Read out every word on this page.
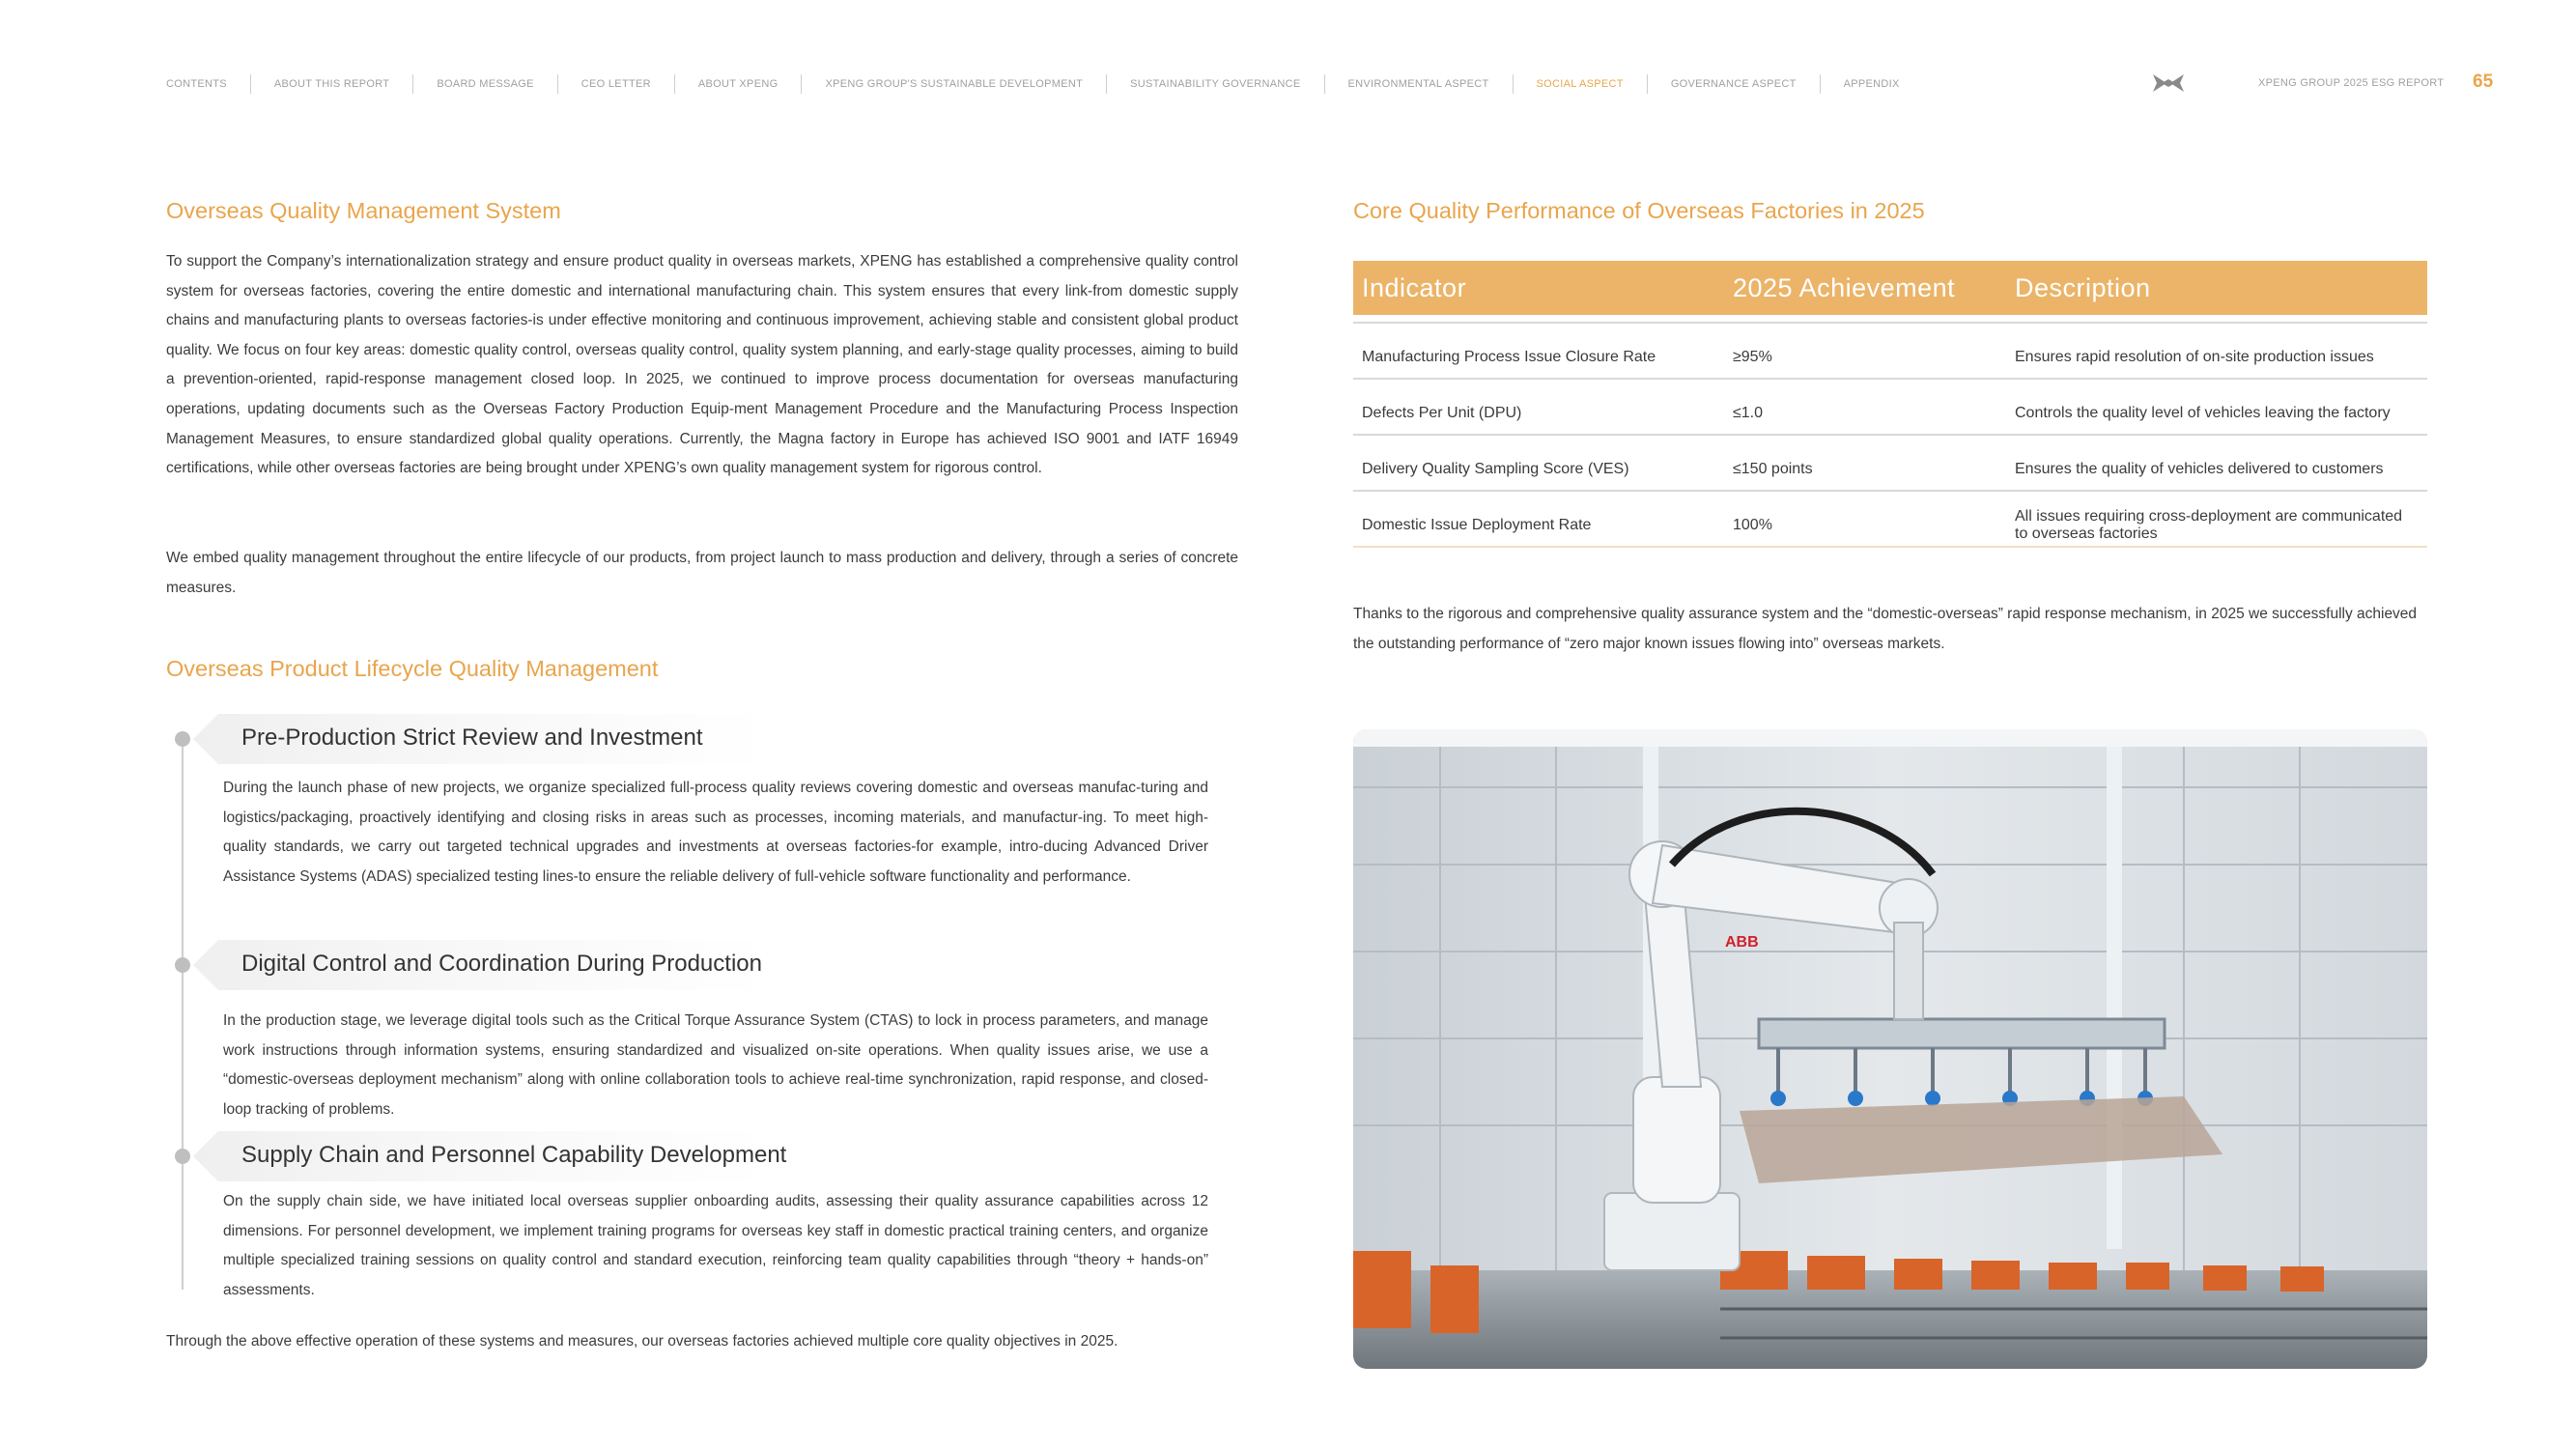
CONTENTS	ABOUT THIS REPORT	BOARD MESSAGE	CEO LETTER	ABOUT XPENG	XPENG GROUP'S SUSTAINABLE DEVELOPMENT	SUSTAINABILITY GOVERNANCE	ENVIRONMENTAL ASPECT	SOCIAL ASPECT	GOVERNANCE ASPECT	APPENDIX	XPENG GROUP 2025 ESG REPORT 65
Overseas Quality Management System

To support the Company’s internationalization strategy and ensure product quality in overseas markets, XPENG has established a comprehensive quality control system for overseas factories, covering the entire domestic and international manufacturing chain. This system ensures that every link-from domestic supply chains and manufacturing plants to overseas factories-is under effective monitoring and continuous improvement, achieving stable and consistent global product quality. We focus on four key areas: domestic quality control, overseas quality control, quality system planning, and early-stage quality processes, aiming to build a prevention-oriented, rapid-response management closed loop. In 2025, we continued to improve process documentation for overseas manufacturing operations, updating documents such as the Overseas Factory Production Equip-ment Management Procedure and the Manufacturing Process Inspection Management Measures, to ensure standardized global quality operations. Currently, the Magna factory in Europe has achieved ISO 9001 and IATF 16949 certifications, while other overseas factories are being brought under XPENG’s own quality management system for rigorous control.

We embed quality management throughout the entire lifecycle of our products, from project launch to mass production and delivery, through a series of concrete measures.

Overseas Product Lifecycle Quality Management
Pre-Production Strict Review and Investment

During the launch phase of new projects, we organize specialized full-process quality reviews covering domestic and overseas manufac-turing and logistics/packaging, proactively identifying and closing risks in areas such as processes, incoming materials, and manufactur-ing. To meet high-quality standards, we carry out targeted technical upgrades and investments at overseas factories-for example, intro-ducing Advanced Driver Assistance Systems (ADAS) specialized testing lines-to ensure the reliable delivery of full-vehicle software functionality and performance.

Digital Control and Coordination During Production

In the production stage, we leverage digital tools such as the Critical Torque Assurance System (CTAS) to lock in process parameters, and manage work instructions through information systems, ensuring standardized and visualized on-site operations. When quality issues arise, we use a “domestic-overseas deployment mechanism” along with online collaboration tools to achieve real-time synchronization, rapid response, and closed-loop tracking of problems.

Supply Chain and Personnel Capability Development

On the supply chain side, we have initiated local overseas supplier onboarding audits, assessing their quality assurance capabilities across 12 dimensions. For personnel development, we implement training programs for overseas key staff in domestic practical training centers, and organize multiple specialized training sessions on quality control and standard execution, reinforcing team quality capabilities through “theory + hands-on” assessments.

Through the above effective operation of these systems and measures, our overseas factories achieved multiple core quality objectives in 2025.

Core Quality Performance of Overseas Factories in 2025
Indicator	2025 Achievement	Description

Manufacturing Process Issue Closure Rate	≥95%	Ensures rapid resolution of on-site production issues
Defects Per Unit (DPU)	≤1.0	Controls the quality level of vehicles leaving the factory
Delivery Quality Sampling Score (VES)	≤150 points	Ensures the quality of vehicles delivered to customers
Domestic Issue Deployment Rate	100%	All issues requiring cross-deployment are communicated to overseas factories

Thanks to the rigorous and comprehensive quality assurance system and the “domestic-overseas” rapid response mechanism, in 2025 we successfully achieved the outstanding performance of “zero major known issues flowing into” overseas markets.

ABB
